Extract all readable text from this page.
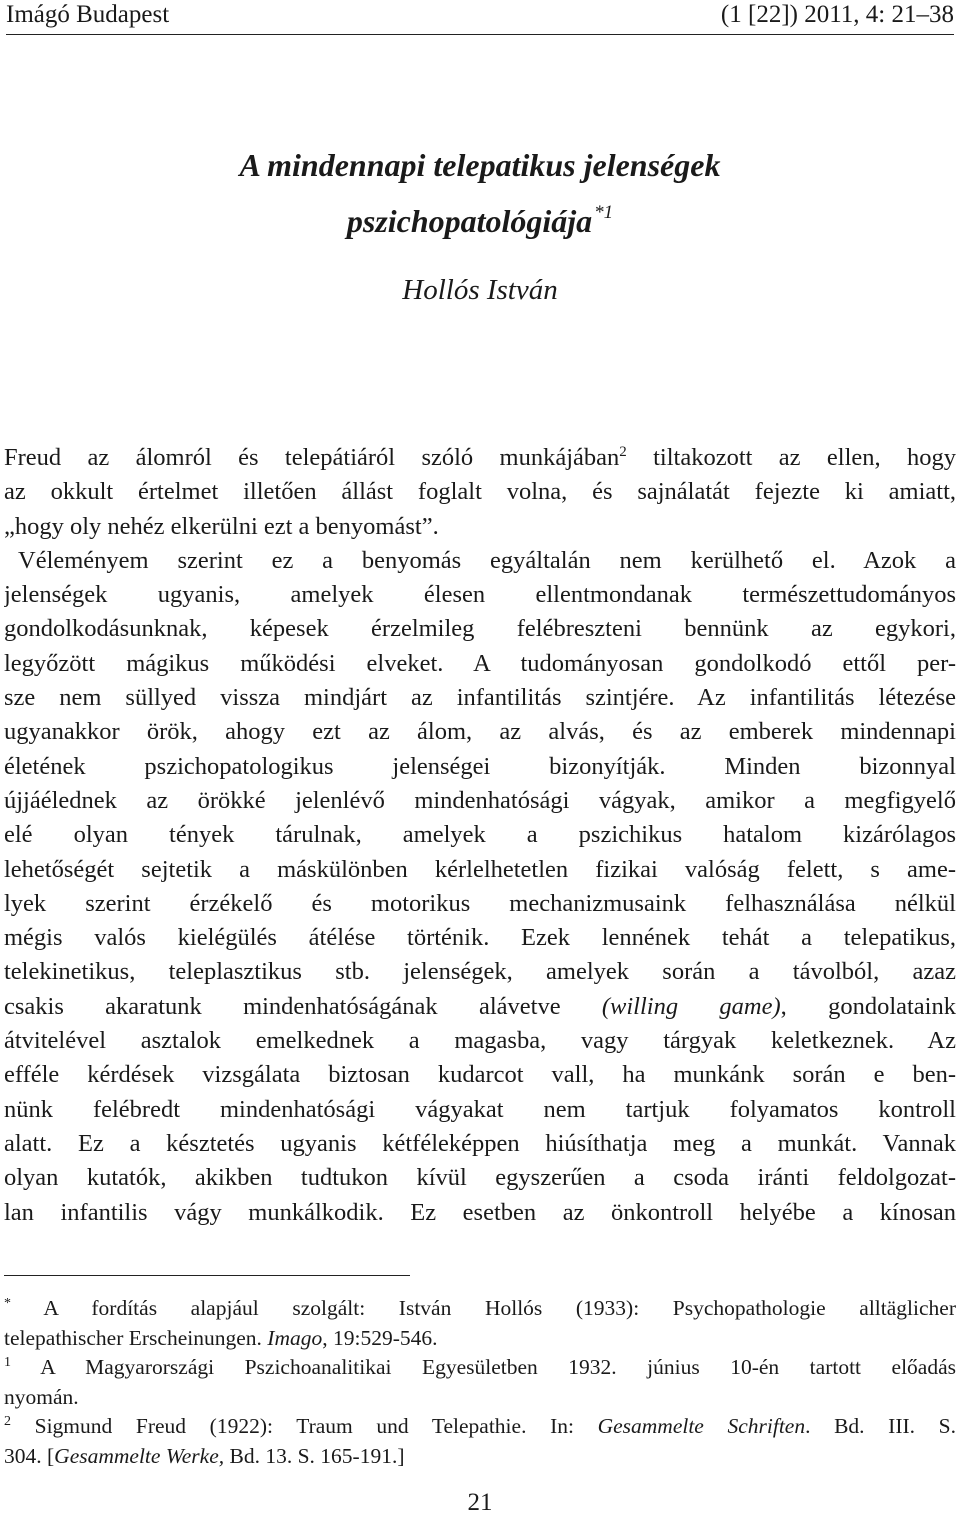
Imágó Budapest	(1 [22]) 2011, 4: 21–38
A mindennapi telepatikus jelenségek
pszichopatológiája $^{*1}$
Hollós István
Freud az álomról és telepátiáról szóló munkájában$^2$ tiltakozott az ellen, hogy
az okkult értelmet illetően állást foglalt volna, és sajnálatát fejezte ki amiatt,
„hogy oly nehéz elkerülni ezt a benyomást”.
Véleményem szerint ez a benyomás egyáltalán nem kerülhető el. Azok a
jelenségek ugyanis, amelyek élesen ellentmondanak természettudományos
gondolkodásunknak, képesek érzelmileg felébreszteni bennünk az egykori,
legyőzött mágikus működési elveket. A tudományosan gondolkodó ettől per-
sze nem süllyed vissza mindjárt az infantilitás szintjére. Az infantilitás létezése
ugyanakkor örök, ahogy ezt az álom, az alvás, és az emberek mindennapi
életének pszichopatologikus jelenségei bizonyítják. Minden bizonnyal
újjáélednek az örökké jelenlévő mindenhatósági vágyak, amikor a megfigyelő
elé olyan tények tárulnak, amelyek a pszichikus hatalom kizárólagos
lehetőségét sejtetik a máskülönben kérlelhetetlen fizikai valóság felett, s ame-
lyek szerint érzékelő és motorikus mechanizmusaink felhasználása nélkül
mégis valós kielégülés átélése történik. Ezek lennének tehát a telepatikus,
telekinetikus, teleplasztikus stb. jelenségek, amelyek során a távolból, azaz
csakis akaratunk mindenhatóságának alávetve (willing game), gondolataink
átvitelével asztalok emelkednek a magasba, vagy tárgyak keletkeznek. Az
efféle kérdések vizsgálata biztosan kudarcot vall, ha munkánk során e ben-
nünk felébredt mindenhatósági vágyakat nem tartjuk folyamatos kontroll
alatt. Ez a késztetés ugyanis kétféleképpen hiúsíthatja meg a munkát. Vannak
olyan kutatók, akikben tudtukon kívül egyszerűen a csoda iránti feldolgozat-
lan infantilis vágy munkálkodik. Ez esetben az önkontroll helyébe a kínosan
* A fordítás alapjául szolgált: István Hollós (1933): Psychopathologie alltäglicher
telepathischer Erscheinungen. Imago, 19:529-546.
$^1$ A Magyarországi Pszichoanalitikai Egyesületben 1932. június 10-én tartott előadás
nyomán.
$^2$ Sigmund Freud (1922): Traum und Telepathie. In: Gesammelte Schriften. Bd. III. S.
304. [Gesammelte Werke, Bd. 13. S. 165-191.]
21
